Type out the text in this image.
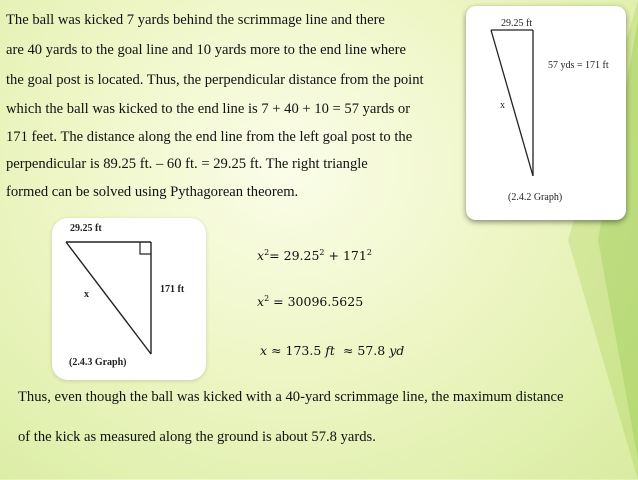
The ball was kicked 7 yards behind the scrimmage line and there
are 40 yards to the goal line and 10 yards more to the end line where
the goal post is located. Thus, the perpendicular distance from the point
which the ball was kicked to the end line is 7 + 40 + 10 = 57 yards or
171 feet. The distance along the end line from the left goal post to the
perpendicular is 89.25 ft. – 60 ft. = 29.25 ft. The right triangle
formed can be solved using Pythagorean theorem.
29.25 ft
57 yds = 171 ft
x
(2.4.2 Graph)
29.25 ft
171 ft
x
(2.4.3 Graph)
$x^2= 29.25^2 + 171^2$
$x^2 = 30096.5625$
x ≈ 173.5 ft ≈ 57.8 yd
Thus, even though the ball was kicked with a 40-yard scrimmage line, the maximum distance
of the kick as measured along the ground is about 57.8 yards.
